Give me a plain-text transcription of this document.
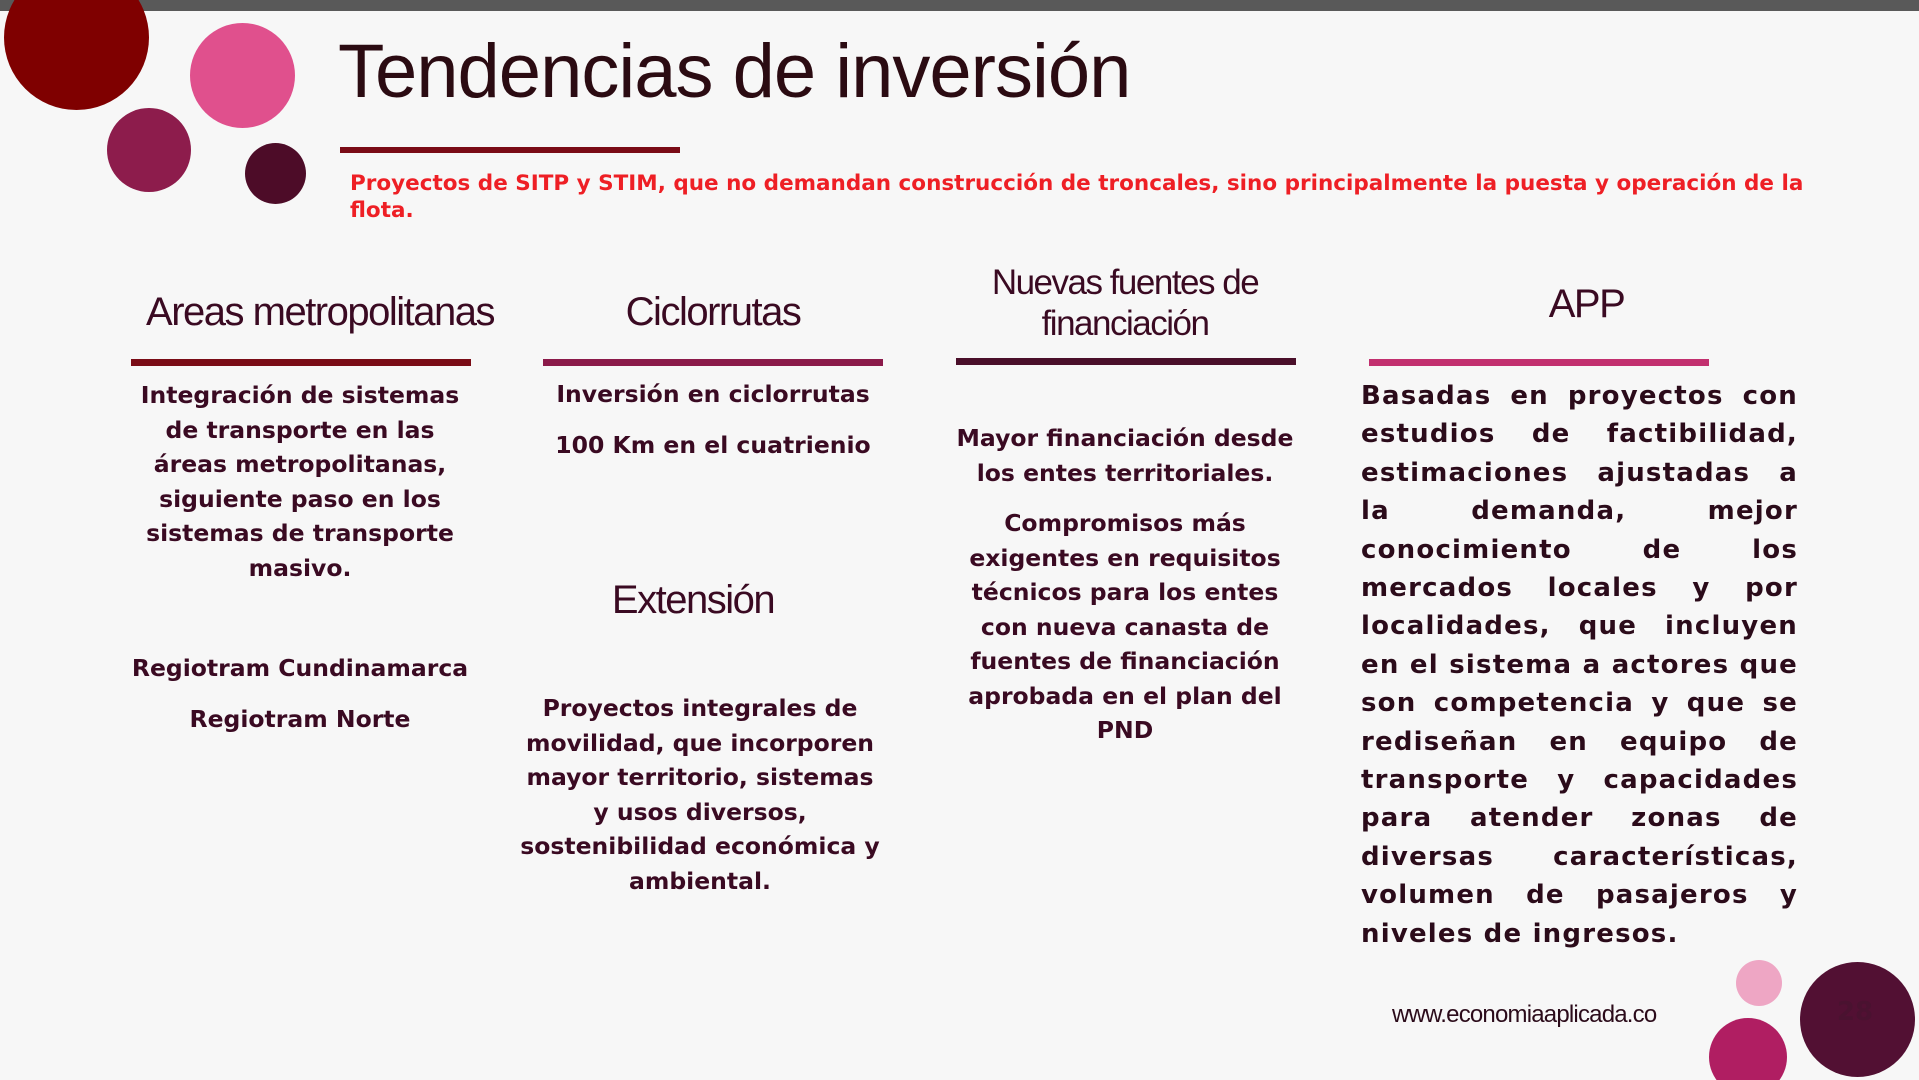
Tendencias de inversión

Proyectos de SITP y STIM, que no demandan construcción de troncales, sino principalmente la puesta y operación de la flota.

Areas metropolitanas

Integración de sistemas de transporte en las áreas metropolitanas, siguiente paso en los sistemas de transporte masivo.

Regiotram Cundinamarca

Regiotram Norte

Ciclorrutas

Inversión en ciclorrutas

100 Km en el cuatrienio

Extensión

Proyectos integrales de movilidad, que incorporen mayor territorio, sistemas y usos diversos, sostenibilidad económica y ambiental.

Nuevas fuentes de financiación

Mayor financiación desde los entes territoriales.

Compromisos más exigentes en requisitos técnicos para los entes con nueva canasta de fuentes de financiación aprobada en el plan del PND

APP

Basadas en proyectos con estudios de factibilidad, estimaciones ajustadas a la demanda, mejor conocimiento de los mercados locales y por localidades, que incluyen en el sistema a actores que son competencia y que se rediseñan en equipo de transporte y capacidades para atender zonas de diversas características, volumen de pasajeros y niveles de ingresos.

www.economiaaplicada.co	28
